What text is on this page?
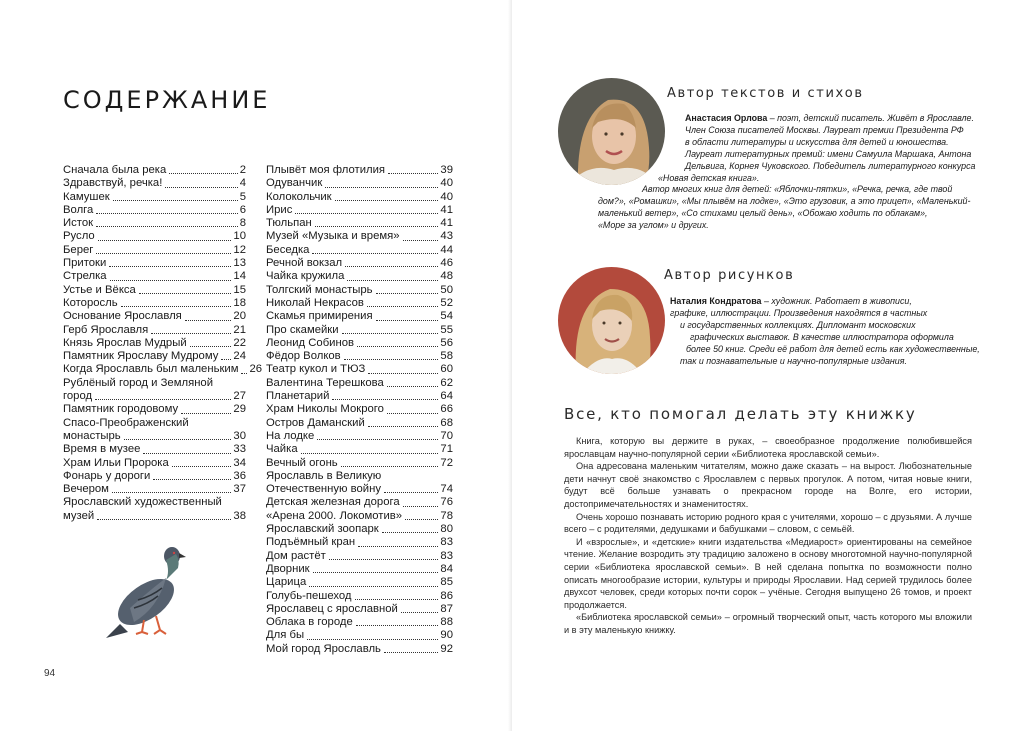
СОДЕРЖАНИЕ
Сначала была река	2
Здравствуй, речка!	4
Камушек	5
Волга	6
Исток	8
Русло	10
Берег	12
Притоки	13
Стрелка	14
Устье и Вёкса	15
Которосль	18
Основание Ярославля	20
Герб Ярославля	21
Князь Ярослав Мудрый	22
Памятник Ярославу Мудрому 24
Когда Ярославль был маленьким 26
Рублёный город и Земляной
город	27
Памятник городовому	29
Спасо-Преображенский
монастырь	30
Время в музее	33
Храм Ильи Пророка	34
Фонарь у дороги	36
Вечером	37
Ярославский художественный
музей	38
Плывёт моя флотилия	39
Одуванчик	40
Колокольчик	40
Ирис	41
Тюльпан	41
Музей «Музыка и время»	43
Беседка	44
Речной вокзал	46
Чайка кружила	48
Толгский монастырь	50
Николай Некрасов	52
Скамья примирения	54
Про скамейки	55
Леонид Собинов	56
Фёдор Волков	58
Театр кукол и ТЮЗ	60
Валентина Терешкова	62
Планетарий	64
Храм Николы Мокрого	66
Остров Даманский	68
На лодке	70
Чайка	71
Вечный огонь	72
Ярославль в Великую
Отечественную войну	74
Детская железная дорога	76
«Арена 2000. Локомотив»	78
Ярославский зоопарк	80
Подъёмный кран	83
Дом растёт	83
Дворник	84
Царица	85
Голубь-пешеход	86
Ярославец с ярославной	87
Облака в городе	88
Для бы	90
Мой город Ярославль	92
94
Автор текстов и стихов
Анастасия Орлова – поэт, детский писатель. Живёт в Ярославле.
Член Союза писателей Москвы. Лауреат премии Президента РФ
в области литературы и искусства для детей и юношества.
Лауреат литературных премий: имени Самуила Маршака, Антона
Дельвига, Корнея Чуковского. Победитель литературного конкурса
«Новая детская книга».
Автор многих книг для детей: «Яблочки-пятки», «Речка, речка, где твой
дом?», «Ромашки», «Мы плывём на лодке», «Это грузовик, а это прицеп», «Маленький-
маленький ветер», «Со стихами целый день», «Обожаю ходить по облакам»,
«Море за углом» и других.
Автор рисунков
Наталия Кондратова – художник. Работает в живописи,
графике, иллюстрации. Произведения находятся в частных
и государственных коллекциях. Дипломант московских
графических выставок. В качестве иллюстратора оформила
более 50 книг. Среди её работ для детей есть как художественные,
так и познавательные и научно-популярные издания.
Все, кто помогал делать эту книжку

Книга, которую вы держите в руках, – своеобразное продолжение полюбившейся ярославцам научно-популярной серии «Библиотека ярославской семьи».

Она адресована маленьким читателям, можно даже сказать – на вырост. Любознательные дети начнут своё знакомство с Ярославлем с первых прогулок. А потом, читая новые книги, будут всё больше узнавать о прекрасном городе на Волге, его истории, достопримечательностях и знаменитостях.

Очень хорошо познавать историю родного края с учителями, хорошо – с друзьями. А лучше всего – с родителями, дедушками и бабушками – словом, с семьёй.

И «взрослые», и «детские» книги издательства «Медиарост» ориентированы на семейное чтение. Желание возродить эту традицию заложено в основу многотомной научно-популярной серии «Библиотека ярославской семьи». В ней сделана попытка по возможности полно описать многообразие истории, культуры и природы Ярославии. Над серией трудилось более двухсот человек, среди которых почти сорок – учёные. Сегодня выпущено 26 томов, и проект продолжается.

«Библиотека ярославской семьи» – огромный творческий опыт, часть которого мы вложили и в эту маленькую книжку.
